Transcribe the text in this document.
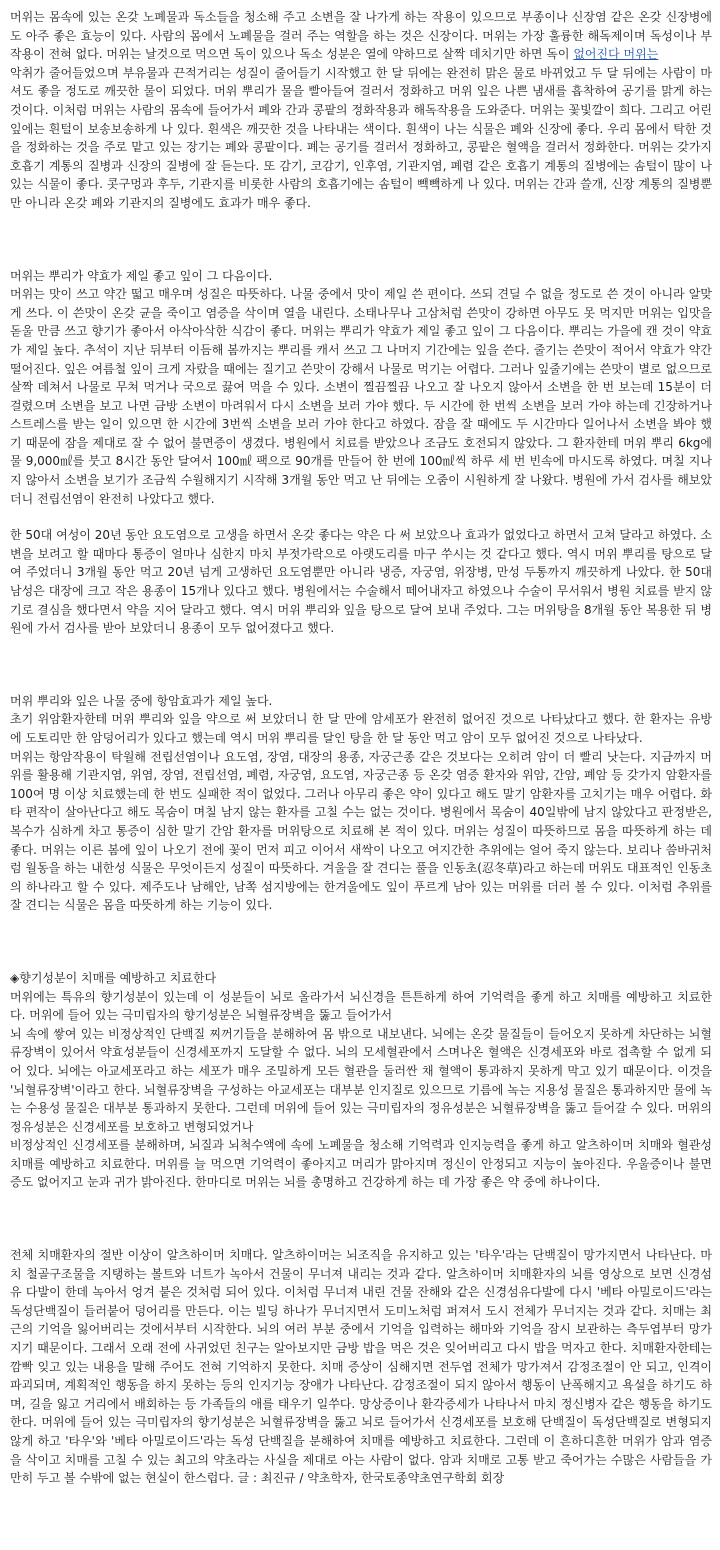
머위는 몸속에 있는 온갖 노폐물과 독소들을 청소해 주고 소변을 잘 나가게 하는 작용이 있으므로 부종이나 신장염 같은 온갖 신장병에도 아주 좋은 효능이 있다. 사람의 몸에서 노폐물을 걸러 주는 역할을 하는 것은 신장이다. 머위는 가장 훌륭한 해독제이며 독성이나 부작용이 전혀 없다. 머위는 날것으로 먹으면 독이 있으나 독소 성분은 열에 약하므로 살짝 데치기만 하면 독이 없어진다 머위는

악취가 줄어들었으며 부유물과 끈적거리는 성질이 줄어들기 시작했고 한 달 뒤에는 완전히 맑은 물로 바뀌었고 두 달 뒤에는 사람이 마셔도 좋을 정도로 깨끗한 물이 되었다. 머위 뿌리가 물을 빨아들여 걸러서 정화하고 머위 잎은 나쁜 냄새를 흡착하여 공기를 맑게 하는 것이다. 이처럼 머위는 사람의 몸속에 들어가서 폐와 간과 콩팥의 정화작용과 해독작용을 도와준다. 머위는 꽃빛깔이 희다. 그리고 어린잎에는 흰털이 보송보송하게 나 있다. 흰색은 깨끗한 것을 나타내는 색이다. 흰색이 나는 식물은 폐와 신장에 좋다. 우리 몸에서 탁한 것을 정화하는 것을 주로 맡고 있는 장기는 폐와 콩팥이다. 폐는 공기를 걸러서 정화하고, 콩팥은 혈액을 걸러서 정화한다. 머위는 갖가지 호흡기 계통의 질병과 신장의 질병에 잘 듣는다. 또 감기, 코감기, 인후염, 기관지염, 폐렴 같은 호흡기 계통의 질병에는 솜털이 많이 나 있는 식물이 좋다. 콧구멍과 후두, 기관지를 비롯한 사람의 호흡기에는 솜털이 빽빽하게 나 있다. 머위는 간과 쓸개, 신장 계통의 질병뿐만 아니라 온갖 폐와 기관지의 질병에도 효과가 매우 좋다.

머위는 뿌리가 약효가 제일 좋고 잎이 그 다음이다.

머위는 맛이 쓰고 약간 떫고 매우며 성질은 따뜻하다. 나물 중에서 맛이 제일 쓴 편이다. 쓰되 견딜 수 없을 정도로 쓴 것이 아니라 알맞게 쓰다. 이 쓴맛이 온갖 균을 죽이고 염증을 삭이며 열을 내린다. 소태나무나 고삼처럼 쓴맛이 강하면 아무도 못 먹지만 머위는 입맛을 돋울 만큼 쓰고 향기가 좋아서 아삭아삭한 식감이 좋다. 머위는 뿌리가 약효가 제일 좋고 잎이 그 다음이다. 뿌리는 가을에 캔 것이 약효가 제일 높다. 추석이 지난 뒤부터 이듬해 봄까지는 뿌리를 캐서 쓰고 그 나머지 기간에는 잎을 쓴다. 줄기는 쓴맛이 적어서 약효가 약간 떨어진다. 잎은 여름철 잎이 크게 자랐을 때에는 질기고 쓴맛이 강해서 나물로 먹기는 어렵다. 그러나 잎줄기에는 쓴맛이 별로 없으므로 살짝 데쳐서 나물로 무쳐 먹거나 국으로 끓여 먹을 수 있다. 소변이 찔끔찔끔 나오고 잘 나오지 않아서 소변을 한 번 보는데 15분이 더 걸렸으며 소변을 보고 나면 금방 소변이 마려워서 다시 소변을 보러 가야 했다. 두 시간에 한 번씩 소변을 보러 가야 하는데 긴장하거나 스트레스를 받는 일이 있으면 한 시간에 3번씩 소변을 보러 가야 한다고 하였다. 잠을 잘 때에도 두 시간마다 일어나서 소변을 봐야 했기 때문에 잠을 제대로 잘 수 없어 불면증이 생겼다. 병원에서 치료를 받았으나 조금도 호전되지 않았다. 그 환자한테 머위 뿌리 6kg에 물 9,000㎖를 붓고 8시간 동안 달여서 100㎖ 팩으로 90개를 만들어 한 번에 100㎖씩 하루 세 번 빈속에 마시도록 하였다. 며칠 지나지 않아서 소변을 보기가 조금씩 수월해지기 시작해 3개월 동안 먹고 난 뒤에는 오줌이 시원하게 잘 나왔다. 병원에 가서 검사를 해보았더니 전립선염이 완전히 나았다고 했다.

한 50대 여성이 20년 동안 요도염으로 고생을 하면서 온갖 좋다는 약은 다 써 보았으나 효과가 없었다고 하면서 고쳐 달라고 하였다. 소변을 보려고 할 때마다 통증이 얼마나 심한지 마치 부젓가락으로 아랫도리를 마구 쑤시는 것 같다고 했다. 역시 머위 뿌리를 탕으로 달여 주었더니 3개월 동안 먹고 20년 넘게 고생하던 요도염뿐만 아니라 냉증, 자궁염, 위장병, 만성 두통까지 깨끗하게 나았다. 한 50대 남성은 대장에 크고 작은 용종이 15개나 있다고 했다. 병원에서는 수술해서 떼어내자고 하였으나 수술이 무서워서 병원 치료를 받지 않기로 결심을 했다면서 약을 지어 달라고 했다. 역시 머위 뿌리와 잎을 탕으로 달여 보내 주었다. 그는 머위탕을 8개월 동안 복용한 뒤 병원에 가서 검사를 받아 보았더니 용종이 모두 없어졌다고 했다.

머위 뿌리와 잎은 나물 중에 항암효과가 제일 높다.

초기 위암환자한테 머위 뿌리와 잎을 약으로 써 보았더니 한 달 만에 암세포가 완전히 없어진 것으로 나타났다고 했다. 한 환자는 유방에 도토리만 한 암덩어리가 있다고 했는데 역시 머위 뿌리를 달인 탕을 한 달 동안 먹고 암이 모두 없어진 것으로 나타났다.

머위는 항암작용이 탁월해 전립선염이나 요도염, 장염, 대장의 용종, 자궁근종 같은 것보다는 오히려 암이 더 빨리 낫는다. 지금까지 머위를 활용해 기관지염, 위염, 장염, 전립선염, 폐렴, 자궁염, 요도염, 자궁근종 등 온갖 염증 환자와 위암, 간암, 폐암 등 갖가지 암환자를 100여 명 이상 치료했는데 한 번도 실패한 적이 없었다. 그러나 아무리 좋은 약이 있다고 해도 말기 암환자를 고치기는 매우 어렵다. 화타 편작이 살아난다고 해도 목숨이 며칠 남지 않는 환자를 고칠 수는 없는 것이다. 병원에서 목숨이 40일밖에 남지 않았다고 판정받은, 복수가 심하게 차고 통증이 심한 말기 간암 환자를 머위탕으로 치료해 본 적이 있다. 머위는 성질이 따뜻하므로 몸을 따뜻하게 하는 데 좋다. 머위는 이른 봄에 잎이 나오기 전에 꽃이 먼저 피고 이어서 새싹이 나오고 여지간한 추위에는 얼어 죽지 않는다. 보리나 씀바귀처럼 월동을 하는 내한성 식물은 무엇이든지 성질이 따뜻하다. 겨울을 잘 견디는 풀을 인동초(忍冬草)라고 하는데 머위도 대표적인 인동초의 하나라고 할 수 있다. 제주도나 남해안, 남쪽 섬지방에는 한겨울에도 잎이 푸르게 남아 있는 머위를 더러 볼 수 있다. 이처럼 추위를 잘 견디는 식물은 몸을 따뜻하게 하는 기능이 있다.

◈향기성분이 치매를 예방하고 치료한다

머위에는 특유의 향기성분이 있는데 이 성분들이 뇌로 올라가서 뇌신경을 튼튼하게 하여 기억력을 좋게 하고 치매를 예방하고 치료한다. 머위에 들어 있는 극미립자의 향기성분은 뇌혈류장벽을 뚫고 들어가서

뇌 속에 쌓여 있는 비정상적인 단백질 찌꺼기들을 분해하여 몸 밖으로 내보낸다. 뇌에는 온갖 물질들이 들어오지 못하게 차단하는 뇌혈류장벽이 있어서 약효성분들이 신경세포까지 도달할 수 없다. 뇌의 모세혈관에서 스며나온 혈액은 신경세포와 바로 접촉할 수 없게 되어 있다. 뇌에는 아교세포라고 하는 세포가 매우 조밀하게 모든 혈관을 둘러싼 채 혈액이 통과하지 못하게 막고 있기 때문이다. 이것을 '뇌혈류장벽'이라고 한다. 뇌혈류장벽을 구성하는 아교세포는 대부분 인지질로 있으므로 기름에 녹는 지용성 물질은 통과하지만 물에 녹는 수용성 물질은 대부분 통과하지 못한다. 그런데 머위에 들어 있는 극미립자의 정유성분은 뇌혈류장벽을 뚫고 들어갈 수 있다. 머위의 정유성분은 신경세포를 보호하고 변형되었거나

비정상적인 신경세포를 분해하며, 뇌질과 뇌척수액에 속에 노폐물을 청소해 기억력과 인지능력을 좋게 하고 알츠하이머 치매와 혈관성 치매를 예방하고 치료한다. 머위를 늘 먹으면 기억력이 좋아지고 머리가 맑아지며 정신이 안정되고 지능이 높아진다. 우울증이나 불면증도 없어지고 눈과 귀가 밝아진다. 한마디로 머위는 뇌를 총명하고 건강하게 하는 데 가장 좋은 약 중에 하나이다.

전체 치매환자의 절반 이상이 알츠하이머 치매다. 알츠하이머는 뇌조직을 유지하고 있는 '타우'라는 단백질이 망가지면서 나타난다. 마치 철골구조물을 지탱하는 볼트와 너트가 녹아서 건물이 무너져 내리는 것과 같다. 알츠하이머 치매환자의 뇌를 영상으로 보면 신경섬유 다발이 한데 녹아서 엉겨 붙은 것처럼 되어 있다. 이처럼 무너져 내린 건물 잔해와 같은 신경섬유다발에 다시 '베타 아밀로이드'라는 독성단백질이 들러붙어 덩어리를 만든다. 이는 빌딩 하나가 무너지면서 도미노처럼 퍼져서 도시 전체가 무너지는 것과 같다. 치매는 최근의 기억을 잃어버리는 것에서부터 시작한다. 뇌의 여러 부분 중에서 기억을 입력하는 해마와 기억을 잠시 보관하는 측두엽부터 망가지기 때문이다. 그래서 오래 전에 사귀었던 친구는 알아보지만 금방 밥을 먹은 것은 잊어버리고 다시 밥을 먹자고 한다. 치매환자한테는 깜빡 잊고 있는 내용을 말해 주어도 전혀 기억하지 못한다. 치매 증상이 심해지면 전두엽 전체가 망가져서 감정조절이 안 되고, 인격이 파괴되며, 계획적인 행동을 하지 못하는 등의 인지기능 장애가 나타난다. 감정조절이 되지 않아서 행동이 난폭해지고 욕설을 하기도 하며, 길을 잃고 거리에서 배회하는 등 가족들의 애를 태우기 일쑤다. 망상증이나 환각증세가 나타나서 마치 정신병자 같은 행동을 하기도 한다. 머위에 들어 있는 극미립자의 향기성분은 뇌혈류장벽을 뚫고 뇌로 들어가서 신경세포를 보호해 단백질이 독성단백질로 변형되지 않게 하고 '타우'와 '베타 아밀로이드'라는 독성 단백질을 분해하여 치매를 예방하고 치료한다. 그런데 이 흔하디흔한 머위가 암과 염증을 삭이고 치매를 고칠 수 있는 최고의 약초라는 사실을 제대로 아는 사람이 없다. 암과 치매로 고통 받고 죽어가는 수많은 사람들을 가만히 두고 볼 수밖에 없는 현실이 한스럽다. 글 : 최진규 / 약초학자, 한국토종약초연구학회 회장
